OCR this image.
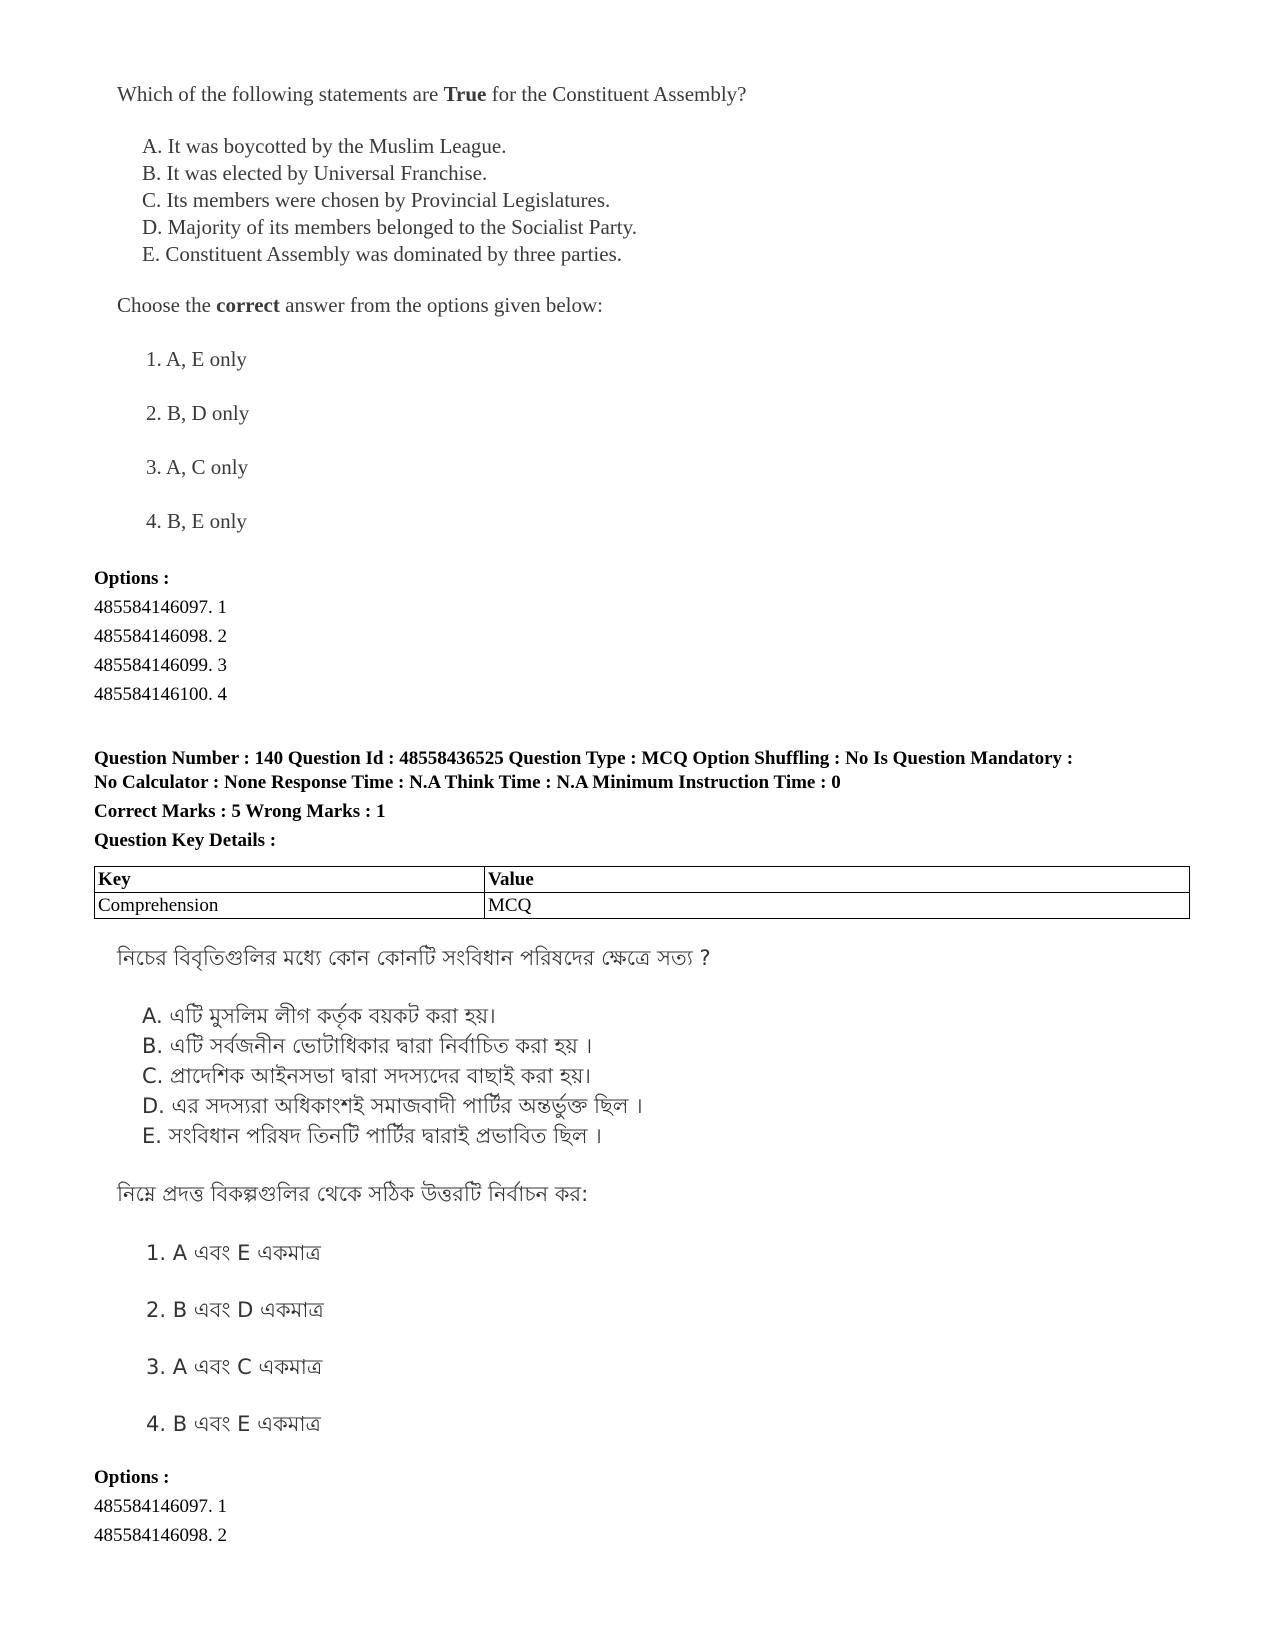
Which of the following statements are True for the Constituent Assembly?
A. It was boycotted by the Muslim League.
B. It was elected by Universal Franchise.
C. Its members were chosen by Provincial Legislatures.
D. Majority of its members belonged to the Socialist Party.
E. Constituent Assembly was dominated by three parties.
Choose the correct answer from the options given below:
1. A, E only
2. B, D only
3. A, C only
4. B, E only
Options :
485584146097. 1
485584146098. 2
485584146099. 3
485584146100. 4
Question Number : 140 Question Id : 48558436525 Question Type : MCQ Option Shuffling : No Is Question Mandatory :
No Calculator : None Response Time : N.A Think Time : N.A Minimum Instruction Time : 0
Correct Marks : 5 Wrong Marks : 1
Question Key Details :
Key	Value
Comprehension	MCQ
নিচের বিবৃতিগুলির মধ্যে কোন কোনটি সংবিধান পরিষদের ক্ষেত্রে সত্য ?
A. এটি মুসলিম লীগ কর্তৃক বয়কট করা হয়।
B. এটি সর্বজনীন ভোটাধিকার দ্বারা নির্বাচিত করা হয় ।
C. প্রাদেশিক আইনসভা দ্বারা সদস্যদের বাছাই করা হয়।
D. এর সদস্যরা অধিকাংশই সমাজবাদী পার্টির অন্তর্ভুক্ত ছিল ।
E. সংবিধান পরিষদ তিনটি পার্টির দ্বারাই প্রভাবিত ছিল ।
নিম্নে প্রদত্ত বিকল্পগুলির থেকে সঠিক উত্তরটি নির্বাচন কর:
1. A এবং E একমাত্র
2. B এবং D একমাত্র
3. A এবং C একমাত্র
4. B এবং E একমাত্র
Options :
485584146097. 1
485584146098. 2
